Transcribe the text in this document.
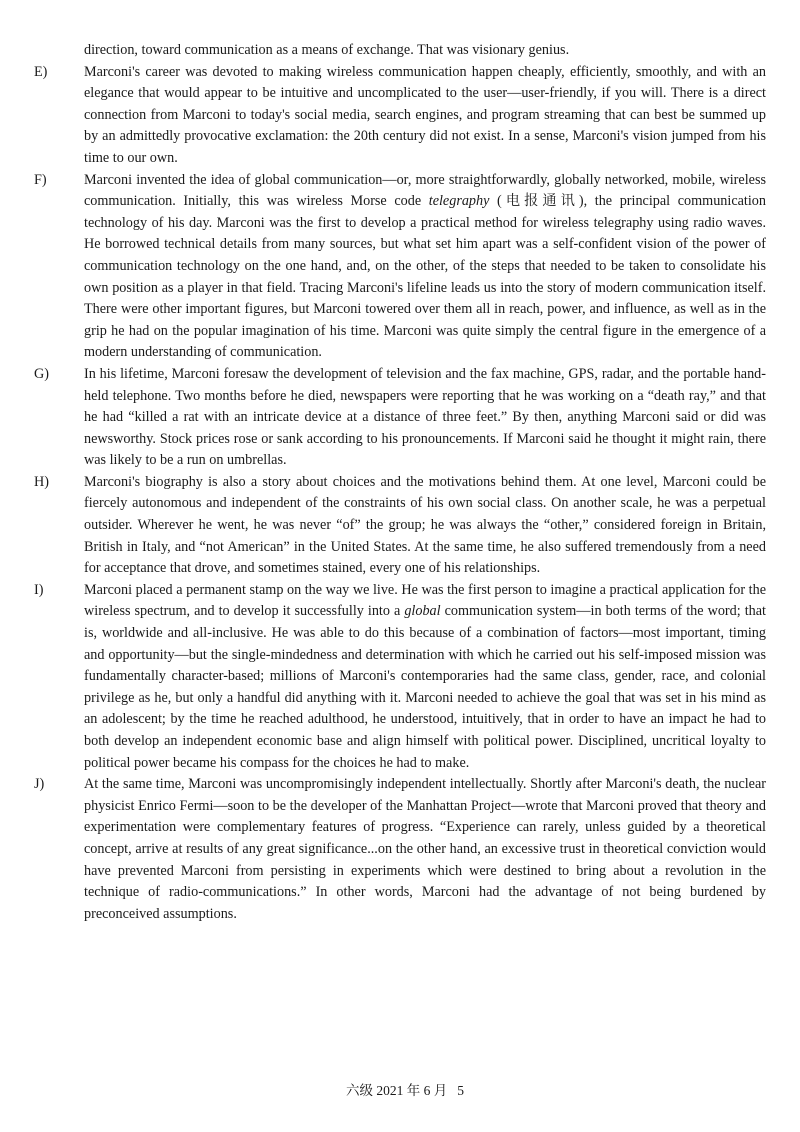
direction, toward communication as a means of exchange. That was visionary genius.

E)	Marconi's career was devoted to making wireless communication happen cheaply, efficiently, smoothly, and with an elegance that would appear to be intuitive and uncomplicated to the user—user-friendly, if you will. There is a direct connection from Marconi to today's social media, search engines, and program streaming that can best be summed up by an admittedly provocative exclamation: the 20th century did not exist. In a sense, Marconi's vision jumped from his time to our own.
F)	Marconi invented the idea of global communication—or, more straightforwardly, globally networked, mobile, wireless communication. Initially, this was wireless Morse code telegraphy (电报通讯), the principal communication technology of his day. Marconi was the first to develop a practical method for wireless telegraphy using radio waves. He borrowed technical details from many sources, but what set him apart was a self-confident vision of the power of communication technology on the one hand, and, on the other, of the steps that needed to be taken to consolidate his own position as a player in that field. Tracing Marconi's lifeline leads us into the story of modern communication itself. There were other important figures, but Marconi towered over them all in reach, power, and influence, as well as in the grip he had on the popular imagination of his time. Marconi was quite simply the central figure in the emergence of a modern understanding of communication.
G)	In his lifetime, Marconi foresaw the development of television and the fax machine, GPS, radar, and the portable hand-held telephone. Two months before he died, newspapers were reporting that he was working on a “death ray,” and that he had “killed a rat with an intricate device at a distance of three feet.” By then, anything Marconi said or did was newsworthy. Stock prices rose or sank according to his pronouncements. If Marconi said he thought it might rain, there was likely to be a run on umbrellas.
H)	Marconi's biography is also a story about choices and the motivations behind them. At one level, Marconi could be fiercely autonomous and independent of the constraints of his own social class. On another scale, he was a perpetual outsider. Wherever he went, he was never “of” the group; he was always the “other,” considered foreign in Britain, British in Italy, and “not American” in the United States. At the same time, he also suffered tremendously from a need for acceptance that drove, and sometimes stained, every one of his relationships.
I)	Marconi placed a permanent stamp on the way we live. He was the first person to imagine a practical application for the wireless spectrum, and to develop it successfully into a global communication system—in both terms of the word; that is, worldwide and all-inclusive. He was able to do this because of a combination of factors—most important, timing and opportunity—but the single-mindedness and determination with which he carried out his self-imposed mission was fundamentally character-based; millions of Marconi's contemporaries had the same class, gender, race, and colonial privilege as he, but only a handful did anything with it. Marconi needed to achieve the goal that was set in his mind as an adolescent; by the time he reached adulthood, he understood, intuitively, that in order to have an impact he had to both develop an independent economic base and align himself with political power. Disciplined, uncritical loyalty to political power became his compass for the choices he had to make.
J)	At the same time, Marconi was uncompromisingly independent intellectually. Shortly after Marconi's death, the nuclear physicist Enrico Fermi—soon to be the developer of the Manhattan Project—wrote that Marconi proved that theory and experimentation were complementary features of progress. “Experience can rarely, unless guided by a theoretical concept, arrive at results of any great significance...on the other hand, an excessive trust in theoretical conviction would have prevented Marconi from persisting in experiments which were destined to bring about a revolution in the technique of radio-communications.” In other words, Marconi had the advantage of not being burdened by preconceived assumptions.
六级 2021 年 6 月 5
